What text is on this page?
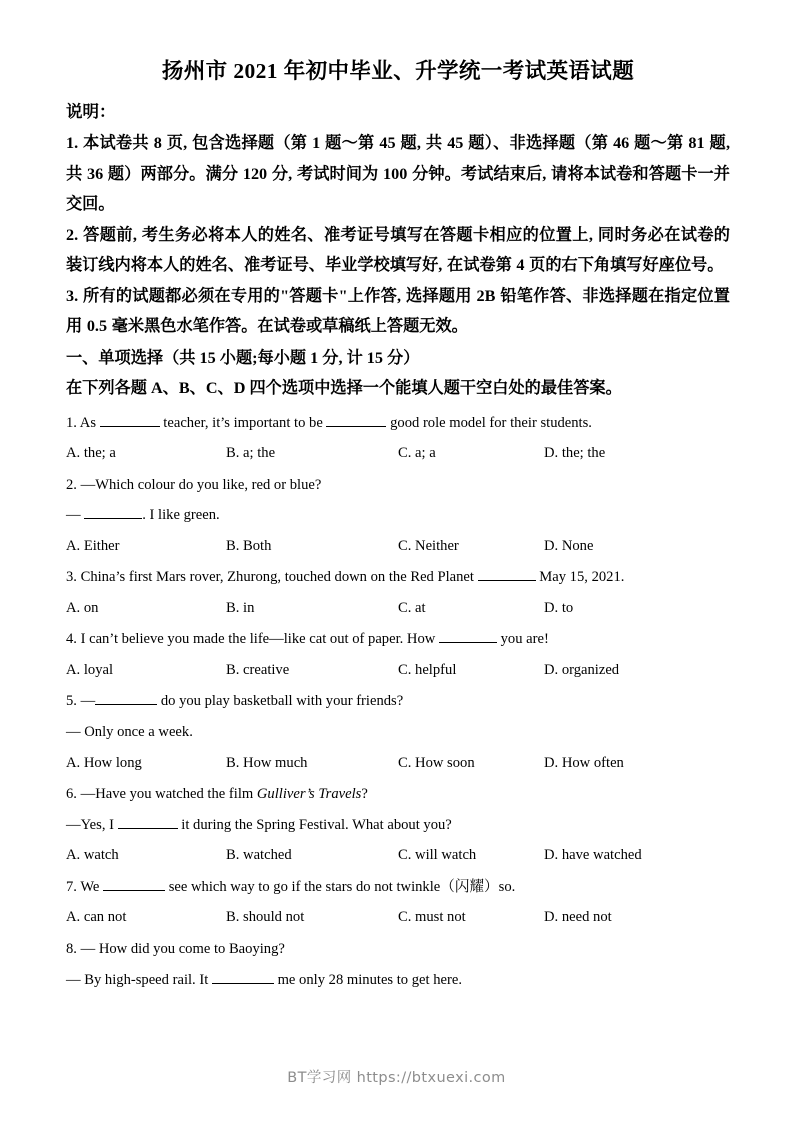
扬州市 2021 年初中毕业、升学统一考试英语试题

说明：

1. 本试卷共 8 页, 包含选择题（第 1 题～第 45 题, 共 45 题）、非选择题（第 46 题～第 81 题, 共 36 题）两部分。满分 120 分, 考试时间为 100 分钟。考试结束后, 请将本试卷和答题卡一并交回。

2. 答题前, 考生务必将本人的姓名、准考证号填写在答题卡相应的位置上, 同时务必在试卷的装订线内将本人的姓名、准考证号、毕业学校填写好, 在试卷第 4 页的右下角填写好座位号。

3. 所有的试题都必须在专用的"答题卡"上作答, 选择题用 2B 铅笔作答、非选择题在指定位置用 0.5 毫米黑色水笔作答。在试卷或草稿纸上答题无效。

一、单项选择（共 15 小题;每小题 1 分, 计 15 分）

在下列各题 A、B、C、D 四个选项中选择一个能填人题干空白处的最佳答案。

1. As	teacher, it’s important to be	good role model for their students.

A. the; a	B. a; the	C. a; a	D. the; the

2. —Which colour do you like, red or blue?

—	. I like green.

A. Either	B. Both	C. Neither	D. None

3. China’s first Mars rover, Zhurong, touched down on the Red Planet	May 15, 2021.

A. on	B. in	C. at	D. to

4. I can’t believe you made the life—like cat out of paper. How	you are!

A. loyal	B. creative	C. helpful	D. organized

5. —	do you play basketball with your friends?

— Only once a week.

A. How long	B. How much	C. How soon	D. How often

6. —Have you watched the film Gulliver’s Travels?

—Yes, I	it during the Spring Festival. What about you?

A. watch	B. watched	C. will watch	D. have watched

7. We	see which way to go if the stars do not twinkle（闪耀）so.

A. can not	B. should not	C. must not	D. need not

8. — How did you come to Baoying?

— By high-speed rail. It	me only 28 minutes to get here.

BT学习网 https://btxuexi.com
